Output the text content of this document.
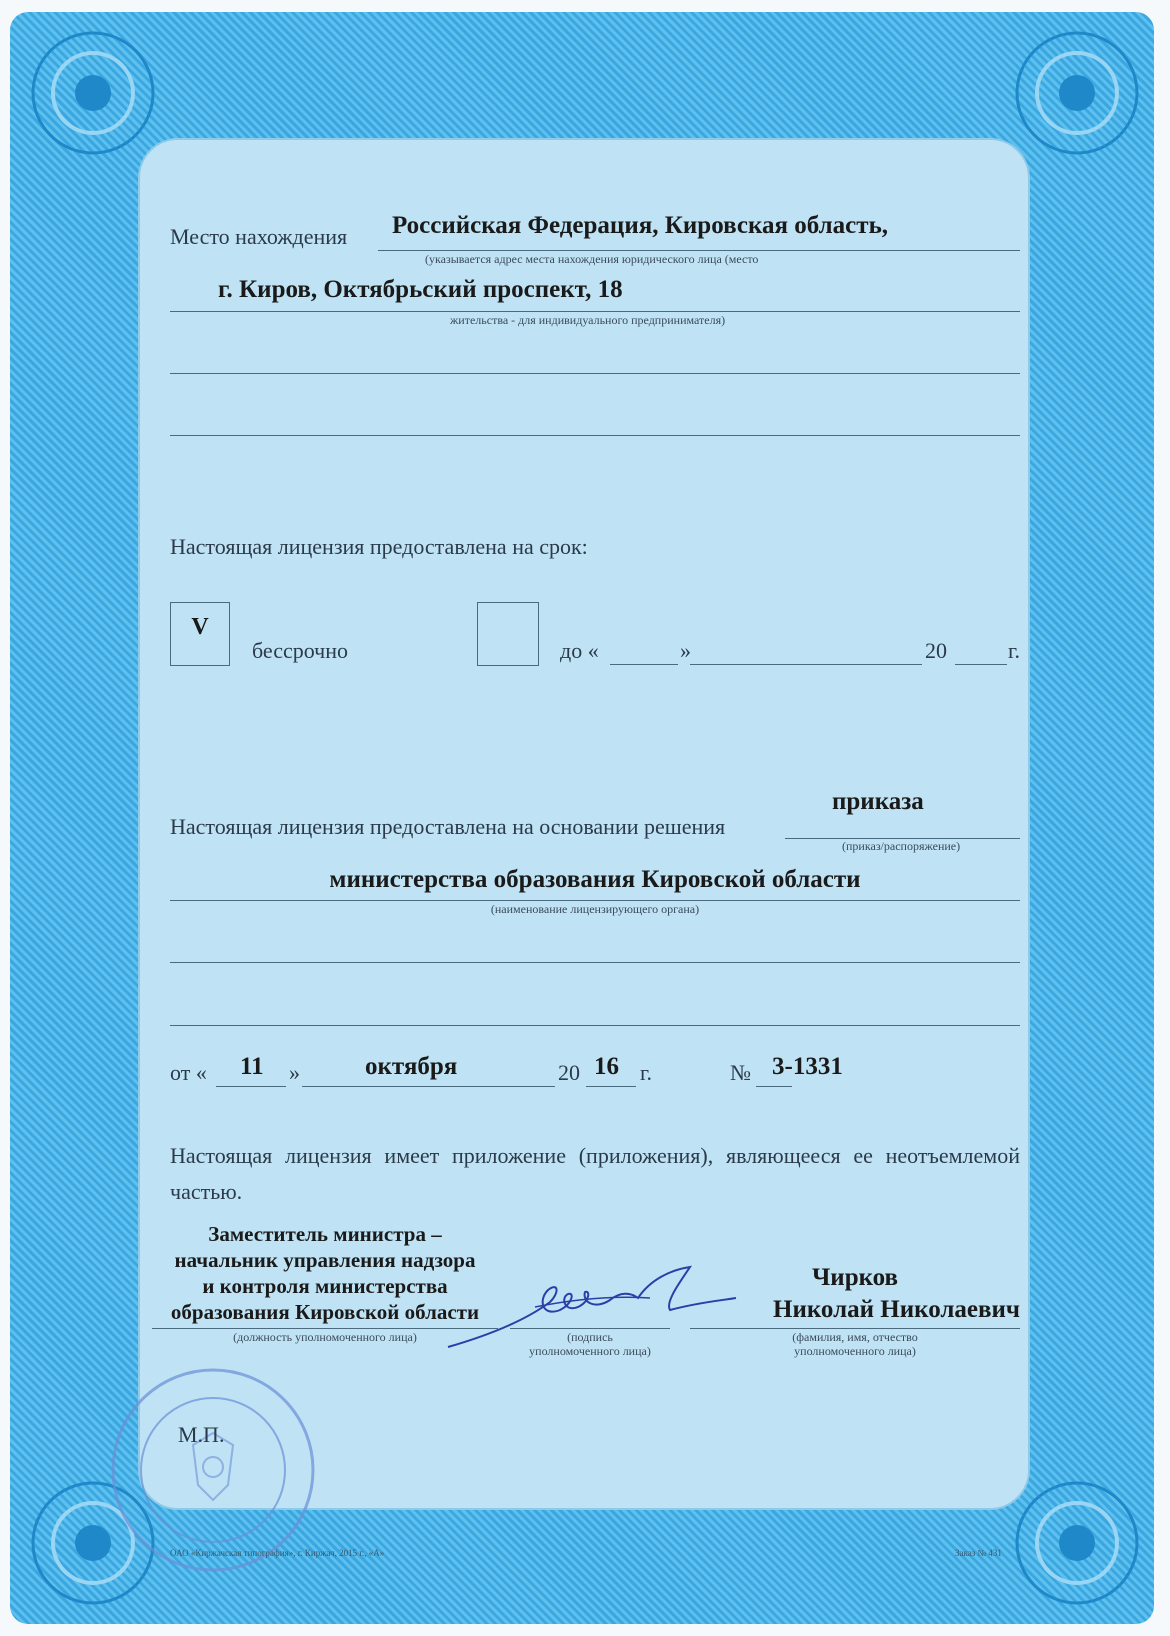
Место нахождения Российская Федерация, Кировская область,
(указывается адрес места нахождения юридического лица (место
г. Киров, Октябрьский проспект, 18
жительства - для индивидуального предпринимателя)
Настоящая лицензия предоставлена на срок:
V
бессрочно	до «	»	20	г.
приказа
Настоящая лицензия предоставлена на основании решения
(приказ/распоряжение)
министерства образования Кировской области
(наименование лицензирующего органа)
от « 11 »	октября	20 16 г.	№ 3-1331
Настоящая лицензия имеет приложение (приложения), являющееся ее неотъемлемой частью.
Заместитель министра –
начальник управления надзора
и контроля министерства
образования Кировской области
(должность уполномоченного лица)	(подпись
уполномоченного лица)
Чирков
Николай Николаевич
(фамилия, имя, отчество
уполномоченного лица)
М.П.
ОАО «Киржачская типография», г. Киржач, 2015 г., «А»	Заказ № 431
